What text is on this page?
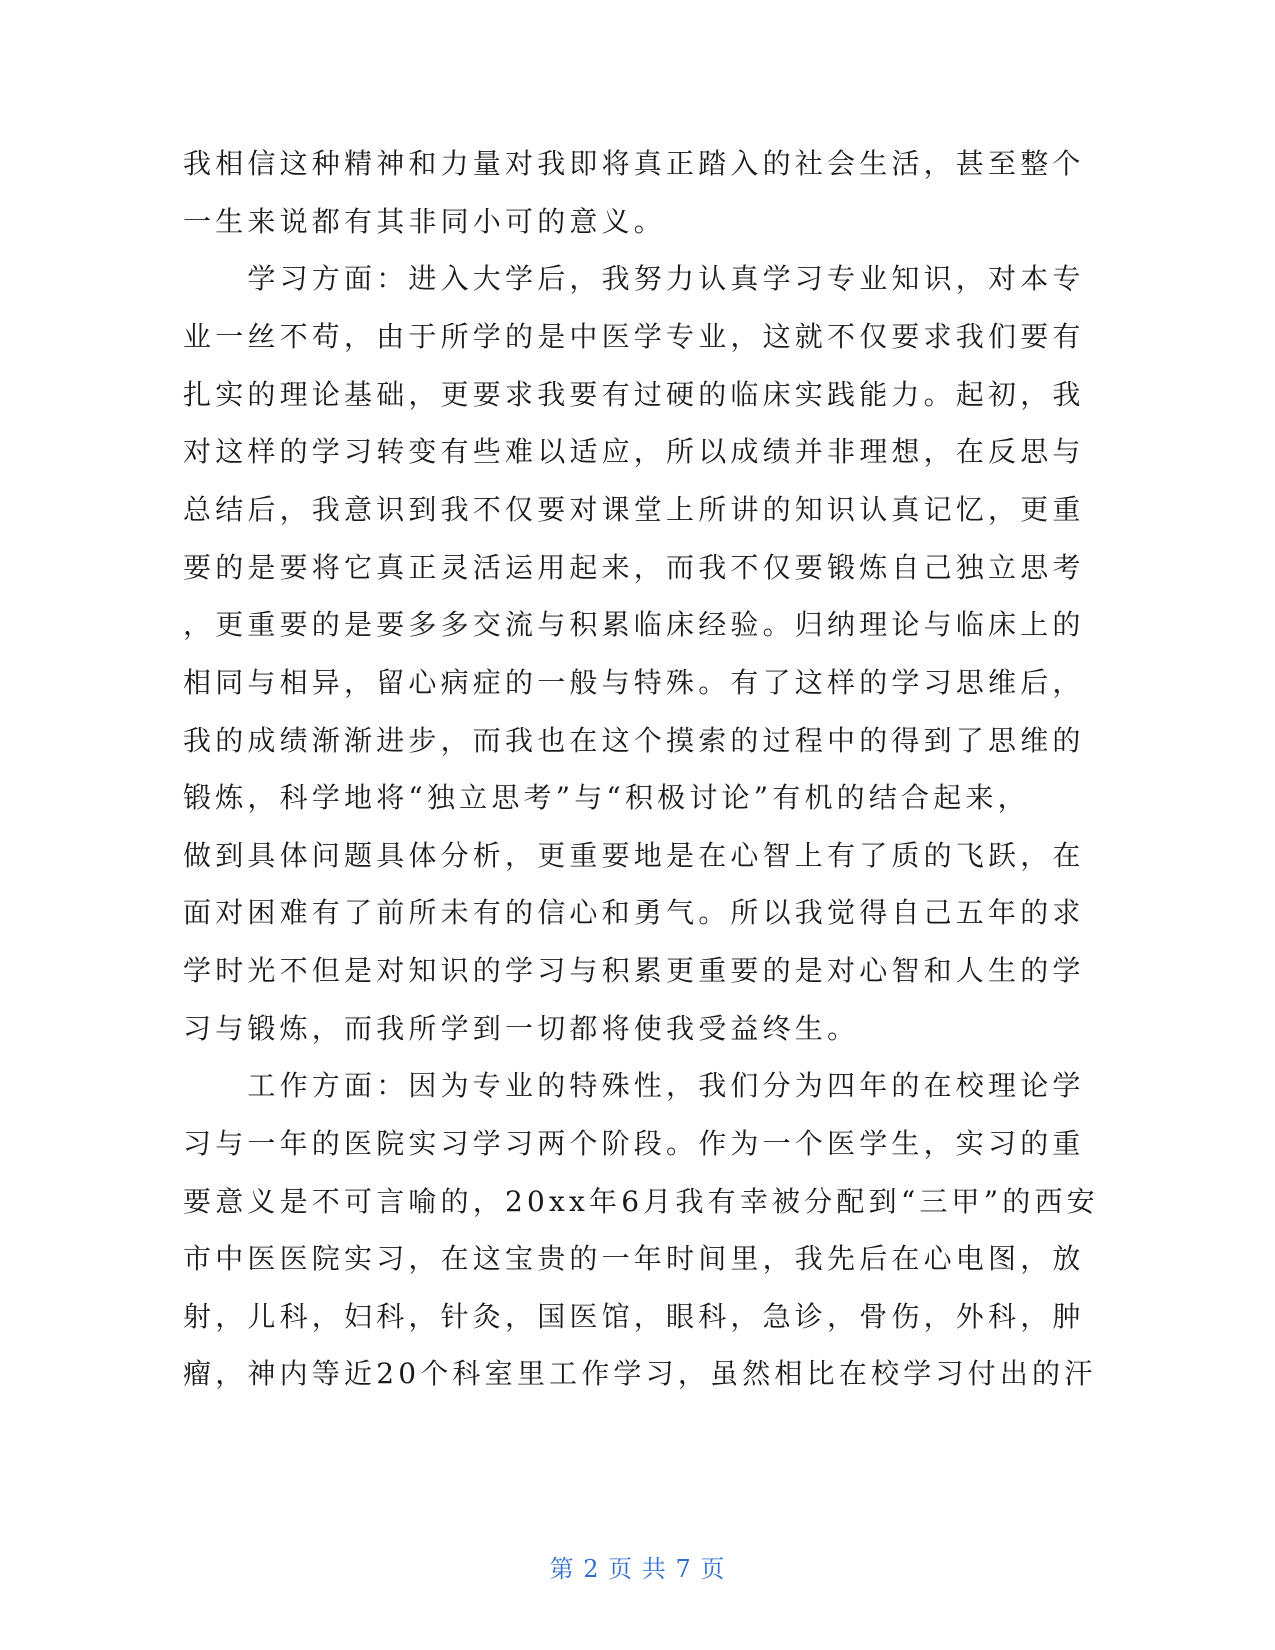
我相信这种精神和力量对我即将真正踏入的社会生活，甚至整个
一生来说都有其非同小可的意义。
　　学习方面：进入大学后，我努力认真学习专业知识，对本专
业一丝不苟，由于所学的是中医学专业，这就不仅要求我们要有
扎实的理论基础，更要求我要有过硬的临床实践能力。起初，我
对这样的学习转变有些难以适应，所以成绩并非理想，在反思与
总结后，我意识到我不仅要对课堂上所讲的知识认真记忆，更重
要的是要将它真正灵活运用起来，而我不仅要锻炼自己独立思考
，更重要的是要多多交流与积累临床经验。归纳理论与临床上的
相同与相异，留心病症的一般与特殊。有了这样的学习思维后，
我的成绩渐渐进步，而我也在这个摸索的过程中的得到了思维的
锻炼，科学地将“独立思考”与“积极讨论”有机的结合起来，
做到具体问题具体分析，更重要地是在心智上有了质的飞跃，在
面对困难有了前所未有的信心和勇气。所以我觉得自己五年的求
学时光不但是对知识的学习与积累更重要的是对心智和人生的学
习与锻炼，而我所学到一切都将使我受益终生。
　　工作方面：因为专业的特殊性，我们分为四年的在校理论学
习与一年的医院实习学习两个阶段。作为一个医学生，实习的重
要意义是不可言喻的，20xx年6月我有幸被分配到“三甲”的西安
市中医医院实习，在这宝贵的一年时间里，我先后在心电图，放
射，儿科，妇科，针灸，国医馆，眼科，急诊，骨伤，外科，肿
瘤，神内等近20个科室里工作学习，虽然相比在校学习付出的汗
第 2 页 共 7 页
